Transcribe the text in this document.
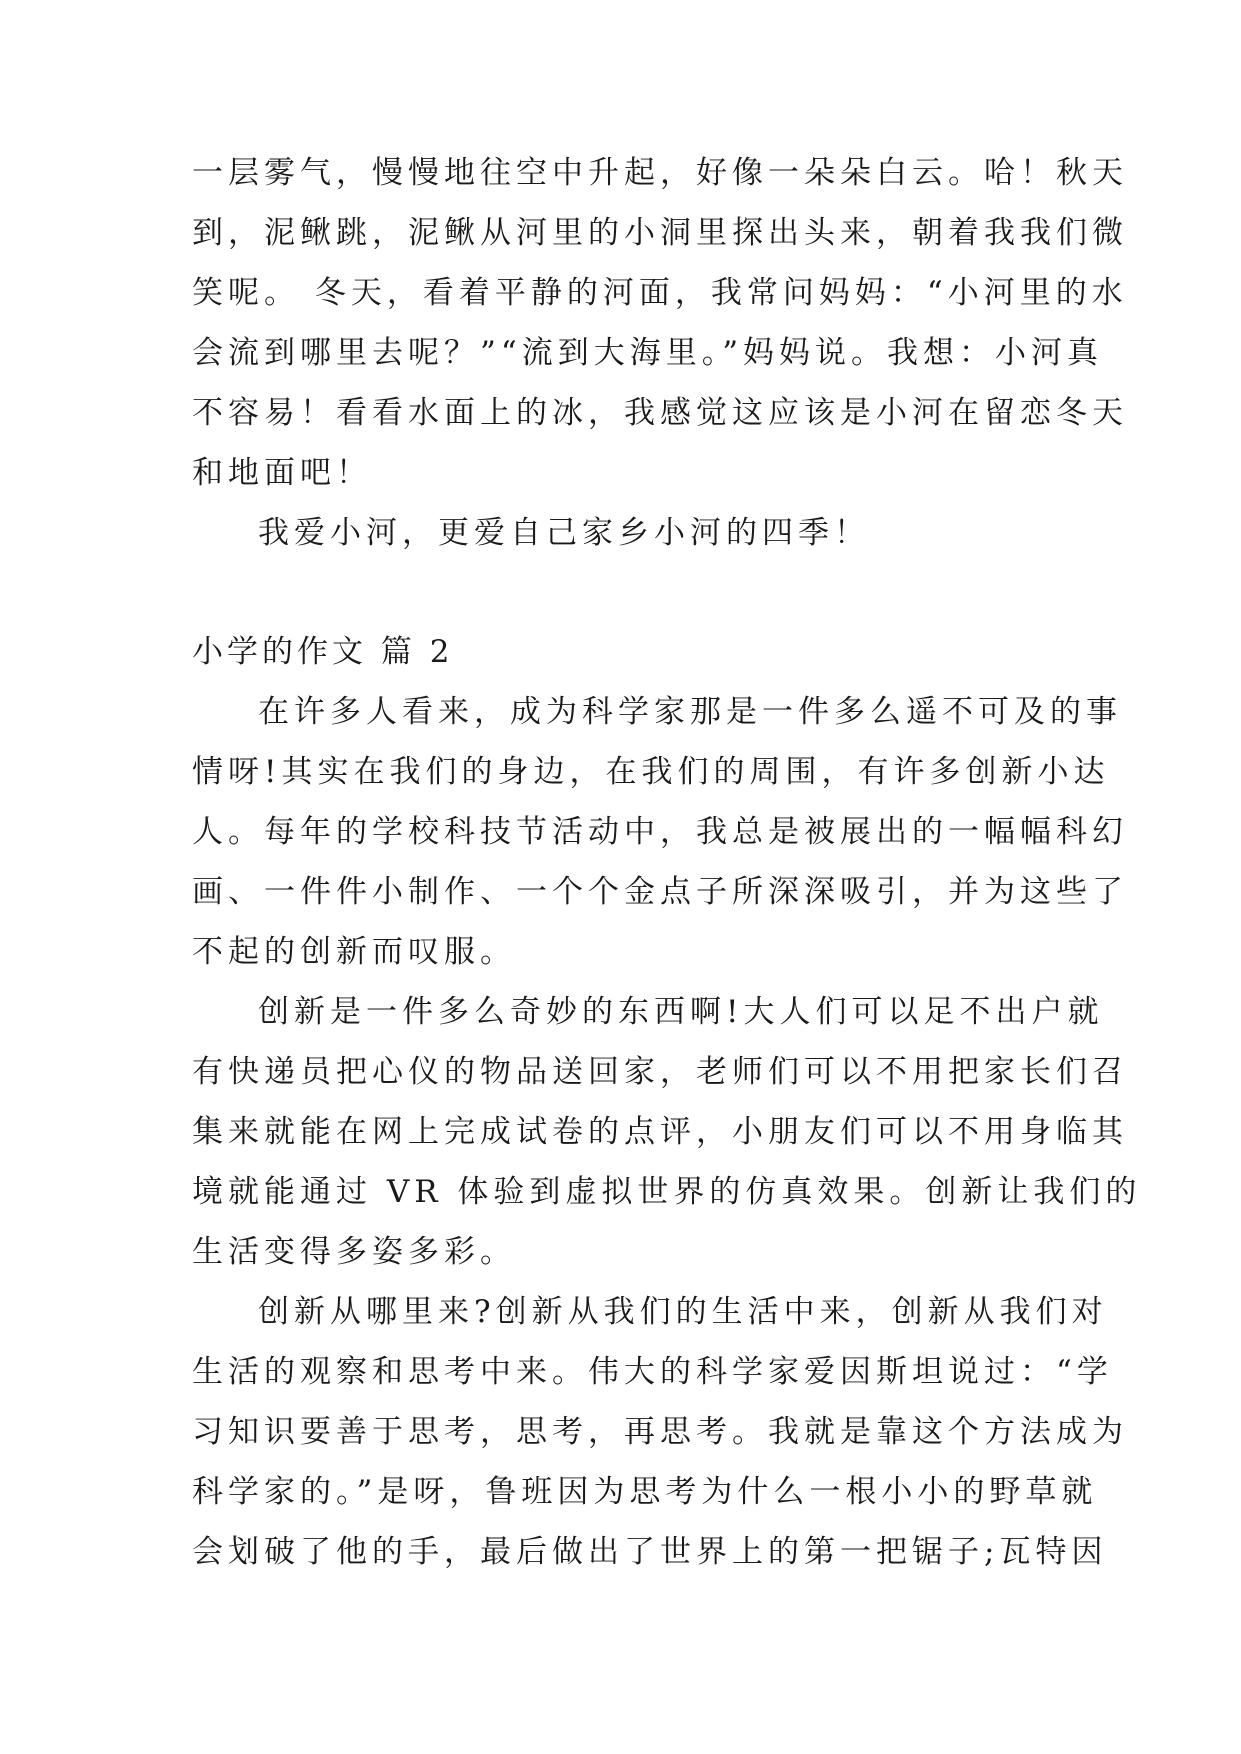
一层雾气，慢慢地往空中升起，好像一朵朵白云。哈！秋天
到，泥鳅跳，泥鳅从河里的小洞里探出头来，朝着我我们微
笑呢。 冬天，看着平静的河面，我常问妈妈：“小河里的水
会流到哪里去呢？”“流到大海里。”妈妈说。我想：小河真
不容易！看看水面上的冰，我感觉这应该是小河在留恋冬天
和地面吧！
我爱小河，更爱自己家乡小河的四季！
小学的作文 篇 2
在许多人看来，成为科学家那是一件多么遥不可及的事
情呀!其实在我们的身边，在我们的周围，有许多创新小达
人。每年的学校科技节活动中，我总是被展出的一幅幅科幻
画、一件件小制作、一个个金点子所深深吸引，并为这些了
不起的创新而叹服。
创新是一件多么奇妙的东西啊!大人们可以足不出户就
有快递员把心仪的物品送回家，老师们可以不用把家长们召
集来就能在网上完成试卷的点评，小朋友们可以不用身临其
境就能通过 VR 体验到虚拟世界的仿真效果。创新让我们的
生活变得多姿多彩。
创新从哪里来?创新从我们的生活中来，创新从我们对
生活的观察和思考中来。伟大的科学家爱因斯坦说过：“学
习知识要善于思考，思考，再思考。我就是靠这个方法成为
科学家的。”是呀，鲁班因为思考为什么一根小小的野草就
会划破了他的手，最后做出了世界上的第一把锯子;瓦特因
